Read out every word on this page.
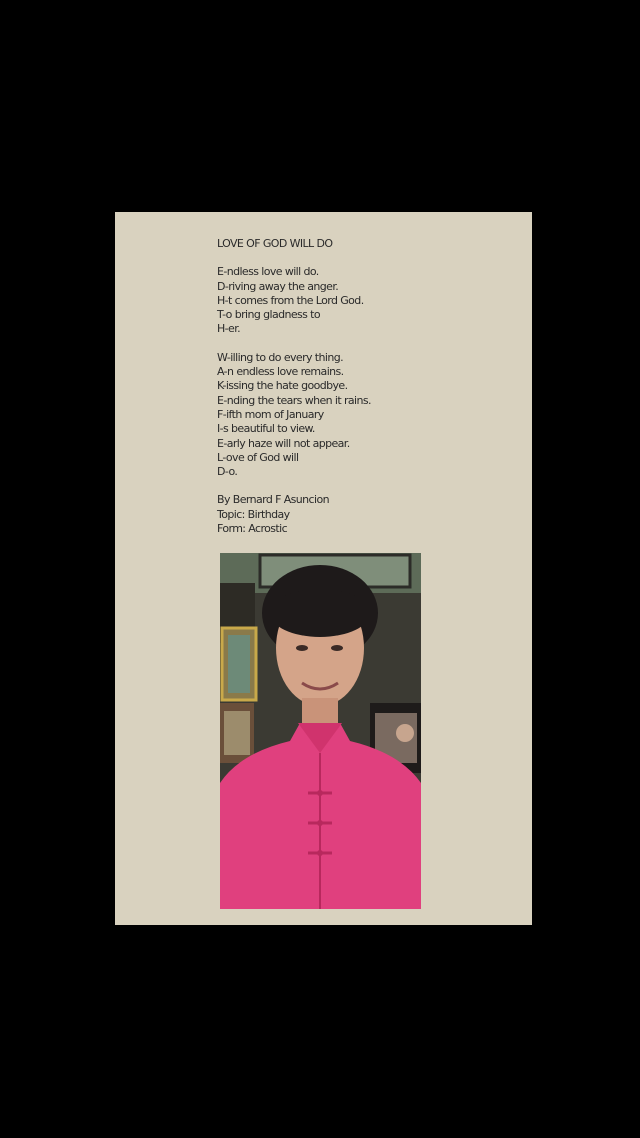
LOVE OF GOD WILL DO
E-ndless love will do.
D-riving away the anger.
H-t comes from the Lord God.
T-o bring gladness to
H-er.
W-illing to do every thing.
A-n endless love remains.
K-issing the hate goodbye.
E-nding the tears when it rains.
F-ifth mom of January
I-s beautiful to view.
E-arly haze will not appear.
L-ove of God will
D-o.
By Bernard F Asuncion
Topic: Birthday
Form: Acrostic
